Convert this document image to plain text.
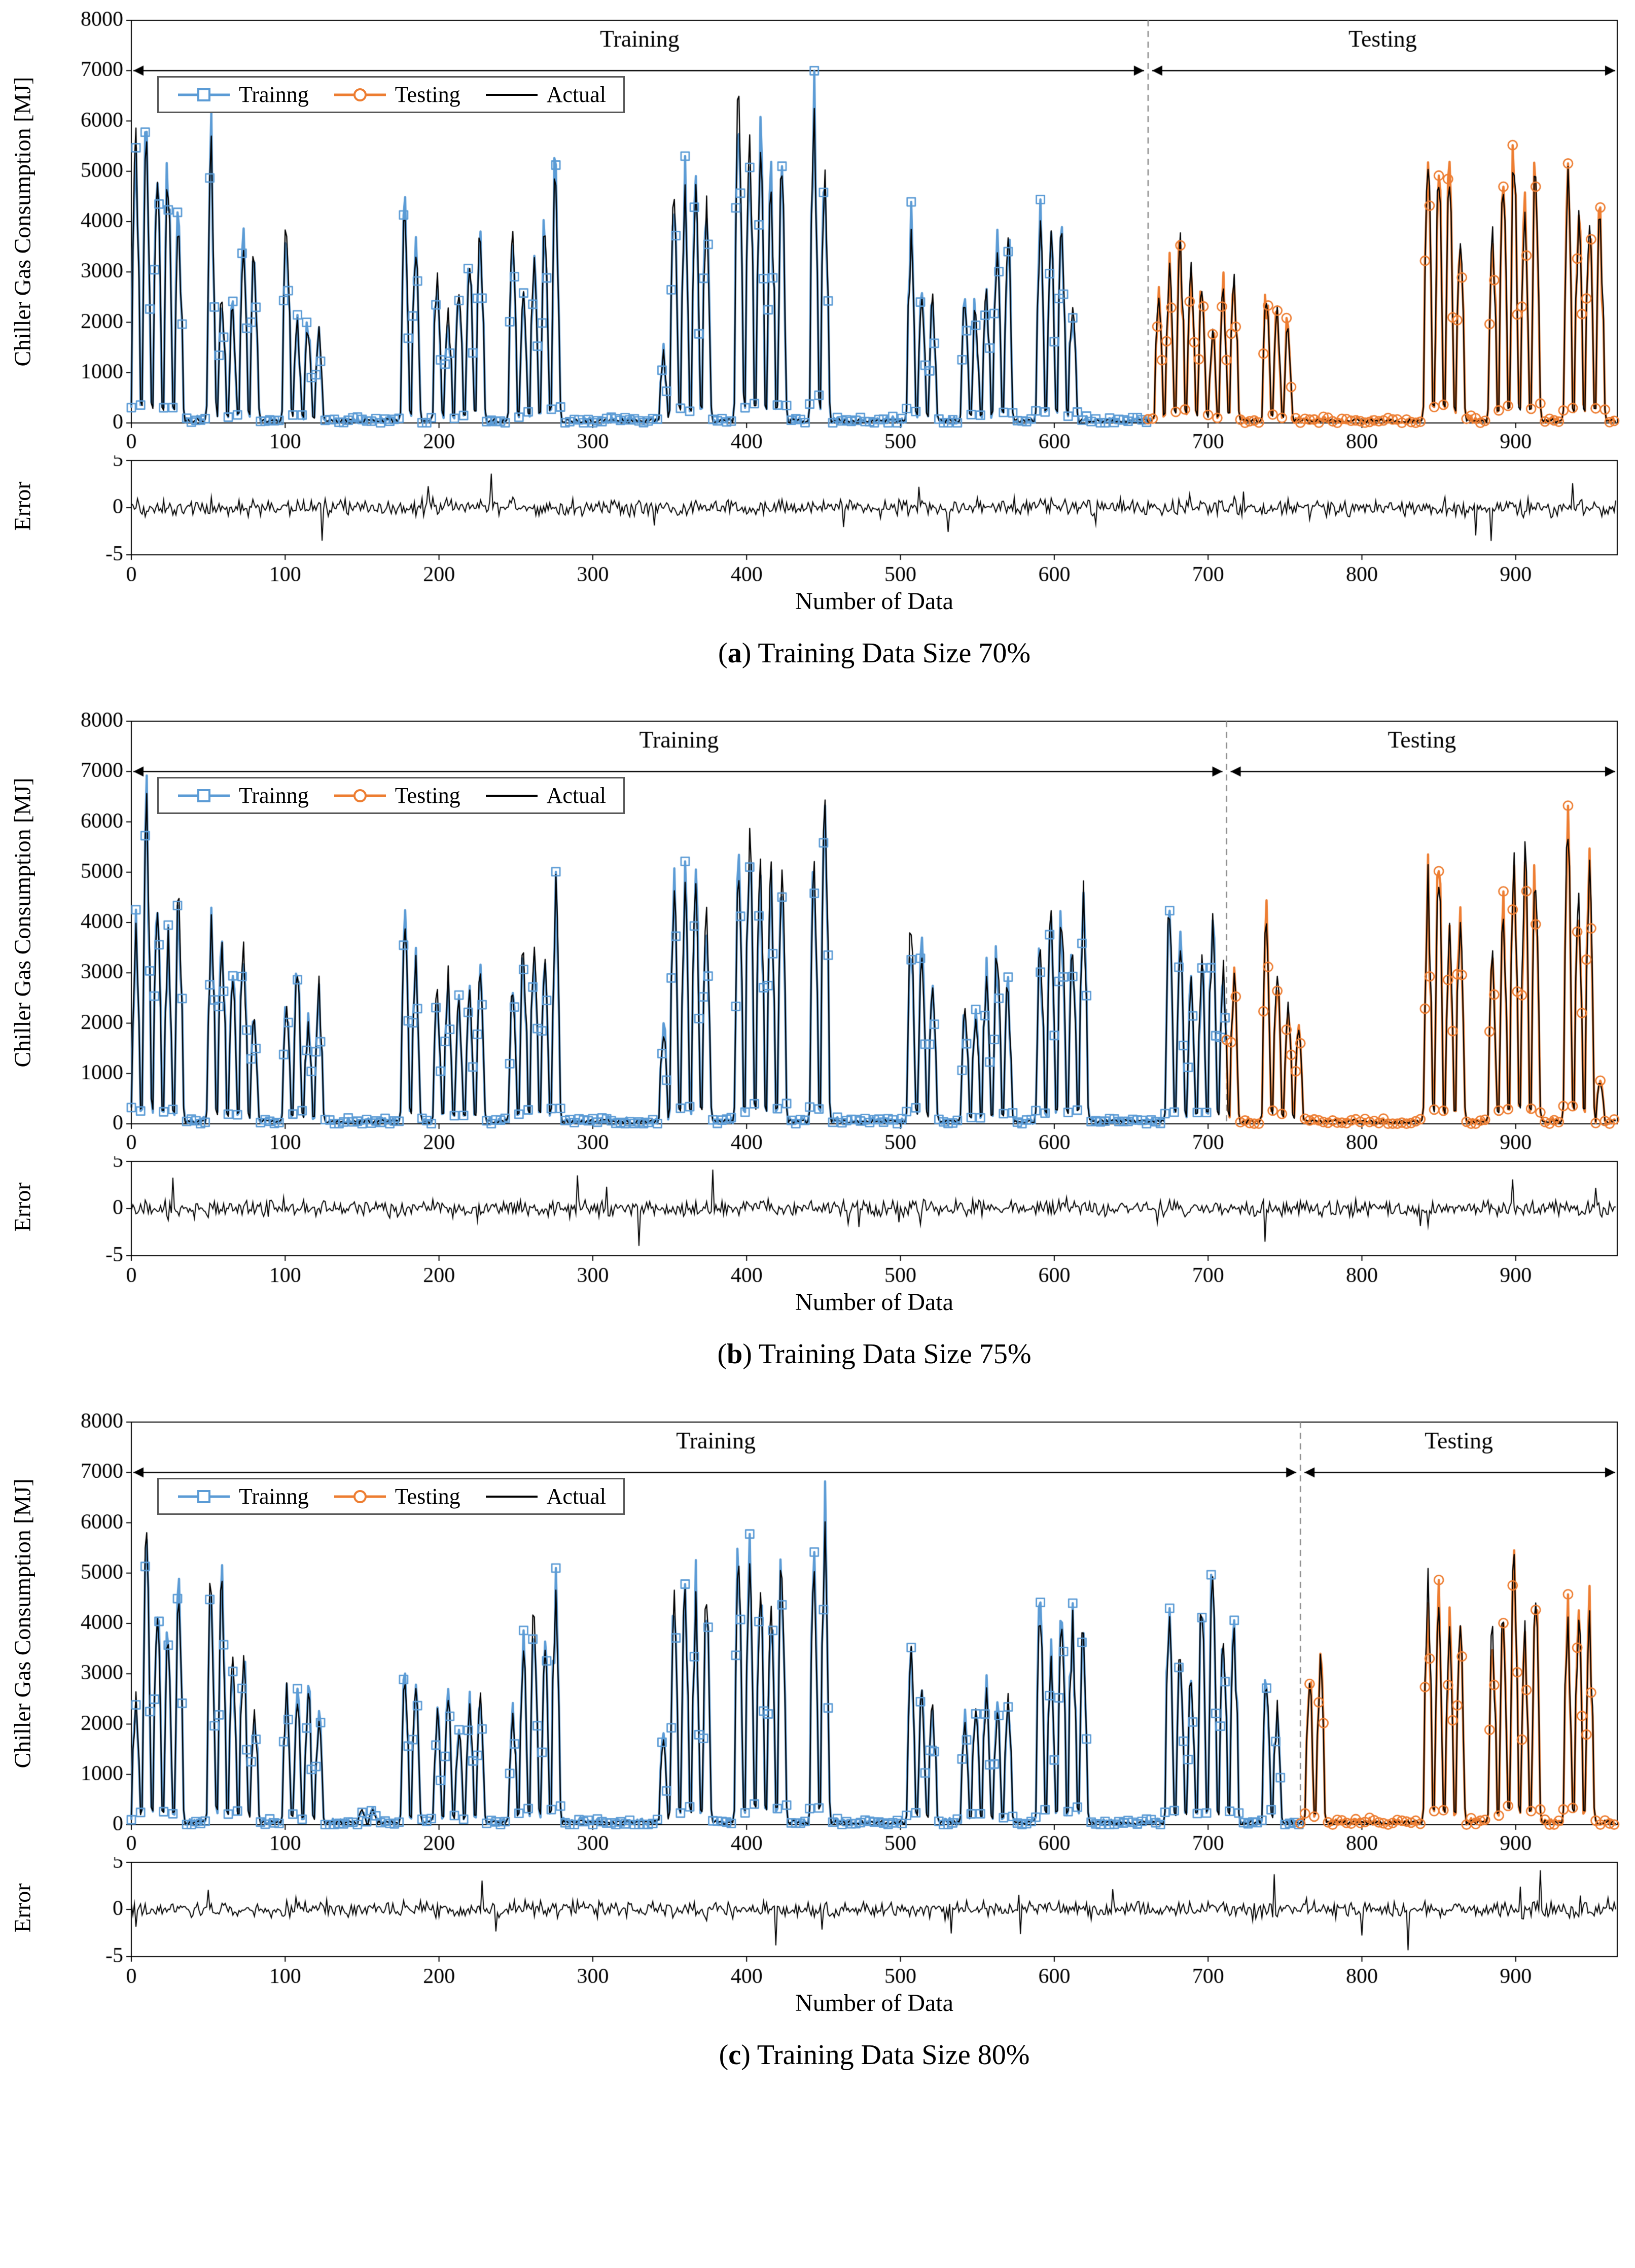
Chiller Gas Consumption [MJ]	Trainng	Testing	Actual
Error
Number of Data
(a) Training Data Size 70%
Chiller Gas Consumption [MJ]	Trainng	Testing	Actual
Error
Number of Data
(b) Training Data Size 75%
Chiller Gas Consumption [MJ]	Trainng	Testing	Actual
Error
Number of Data
(c) Training Data Size 80%
